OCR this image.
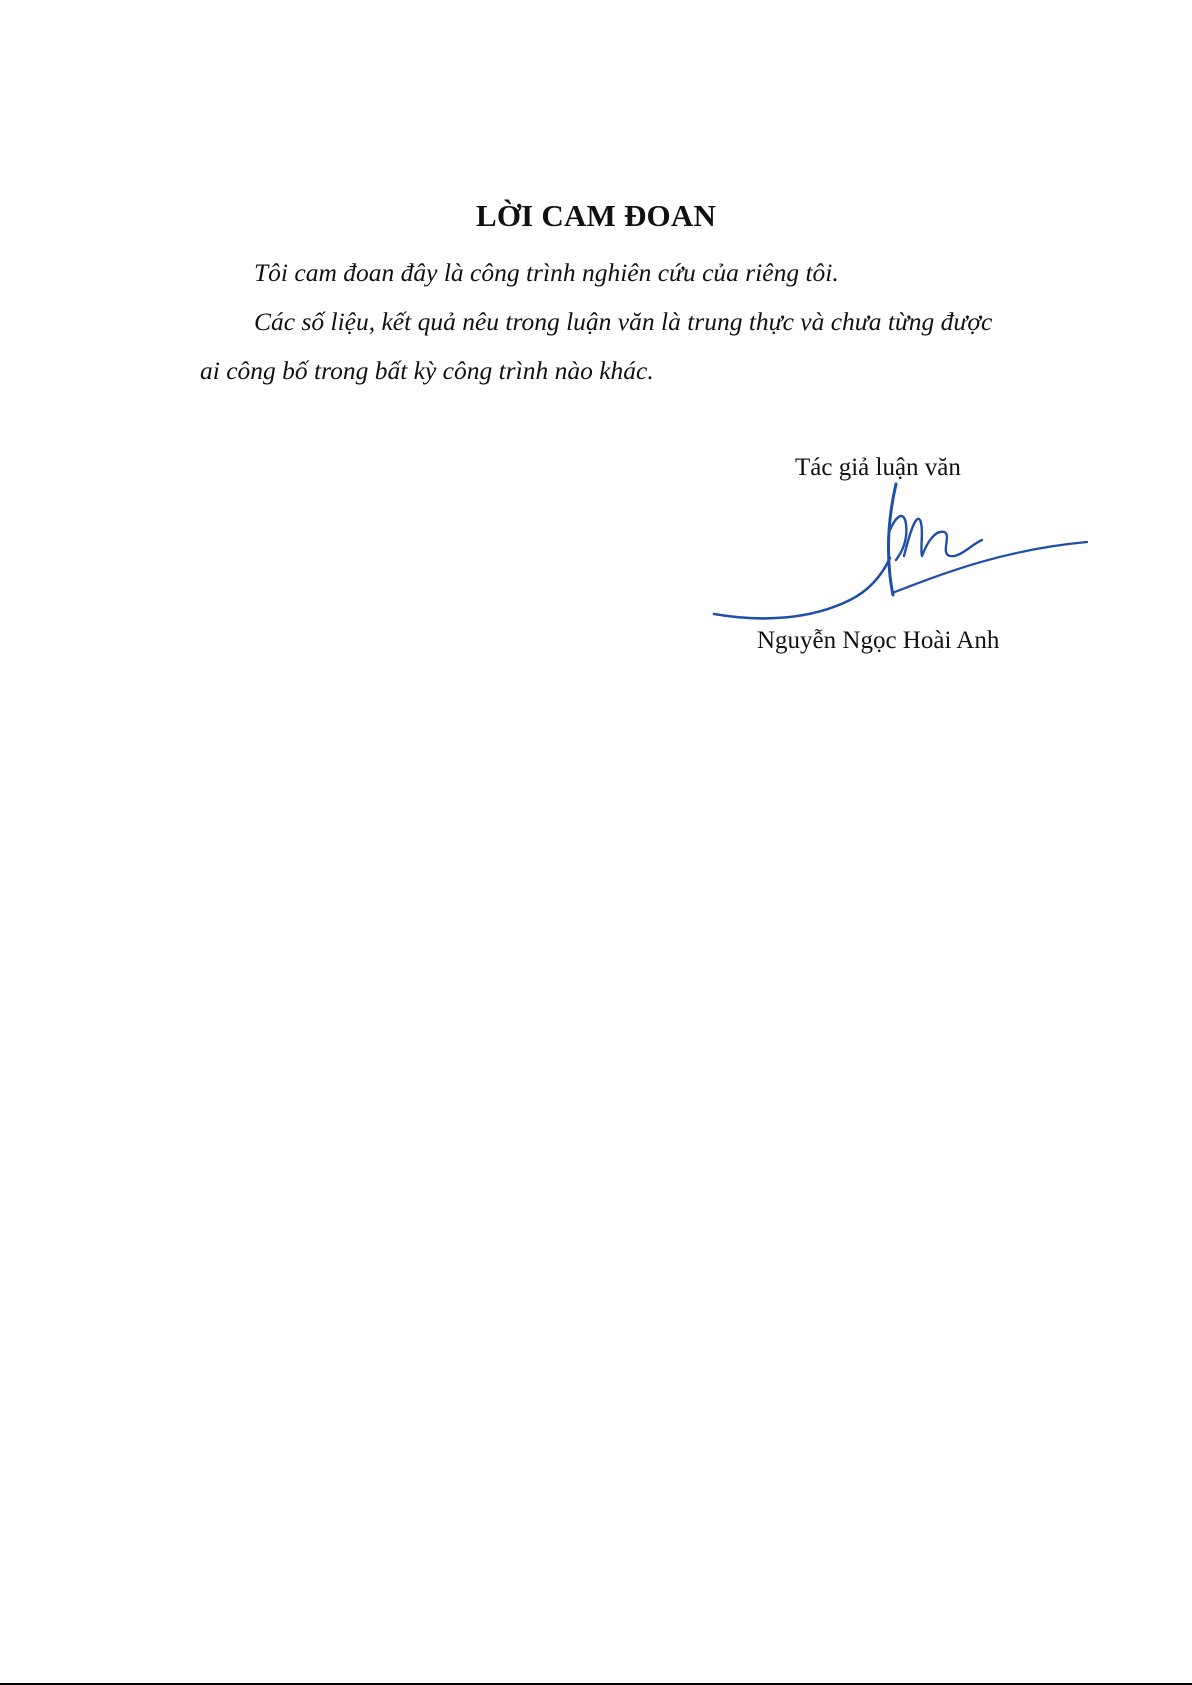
LỜI CAM ĐOAN

Tôi cam đoan đây là công trình nghiên cứu của riêng tôi.

Các số liệu, kết quả nêu trong luận văn là trung thực và chưa từng được

ai công bố trong bất kỳ công trình nào khác.

Tác giả luận văn

Nguyễn Ngọc Hoài Anh
